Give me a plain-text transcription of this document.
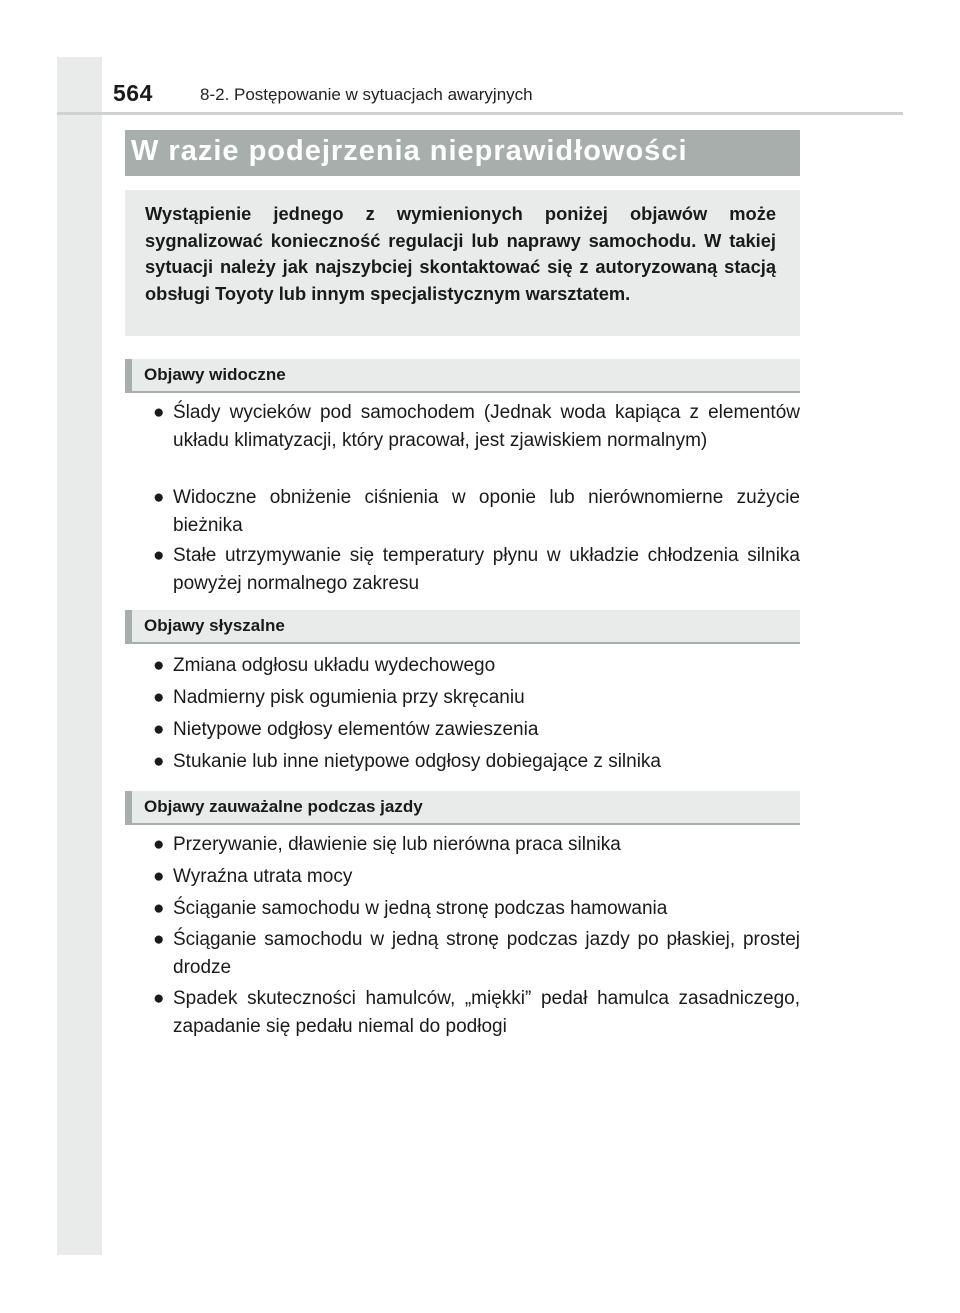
564	8-2. Postępowanie w sytuacjach awaryjnych
W razie podejrzenia nieprawidłowości

Wystąpienie jednego z wymienionych poniżej objawów może sygnalizować konieczność regulacji lub naprawy samochodu. W takiej sytuacji należy jak najszybciej skontaktować się z autoryzowaną stacją obsługi Toyoty lub innym specjalistycznym warsztatem.

Objawy widoczne
● Ślady wycieków pod samochodem (Jednak woda kapiąca z elementów układu klimatyzacji, który pracował, jest zjawiskiem normalnym)

● Widoczne obniżenie ciśnienia w oponie lub nierównomierne zużycie bieżnika

● Stałe utrzymywanie się temperatury płynu w układzie chłodzenia silnika powyżej normalnego zakresu

Objawy słyszalne
● Zmiana odgłosu układu wydechowego

● Nadmierny pisk ogumienia przy skręcaniu

● Nietypowe odgłosy elementów zawieszenia

● Stukanie lub inne nietypowe odgłosy dobiegające z silnika

Objawy zauważalne podczas jazdy
● Przerywanie, dławienie się lub nierówna praca silnika

● Wyraźna utrata mocy

● Ściąganie samochodu w jedną stronę podczas hamowania

● Ściąganie samochodu w jedną stronę podczas jazdy po płaskiej, prostej drodze

● Spadek skuteczności hamulców, „miękki” pedał hamulca zasadniczego, zapadanie się pedału niemal do podłogi
